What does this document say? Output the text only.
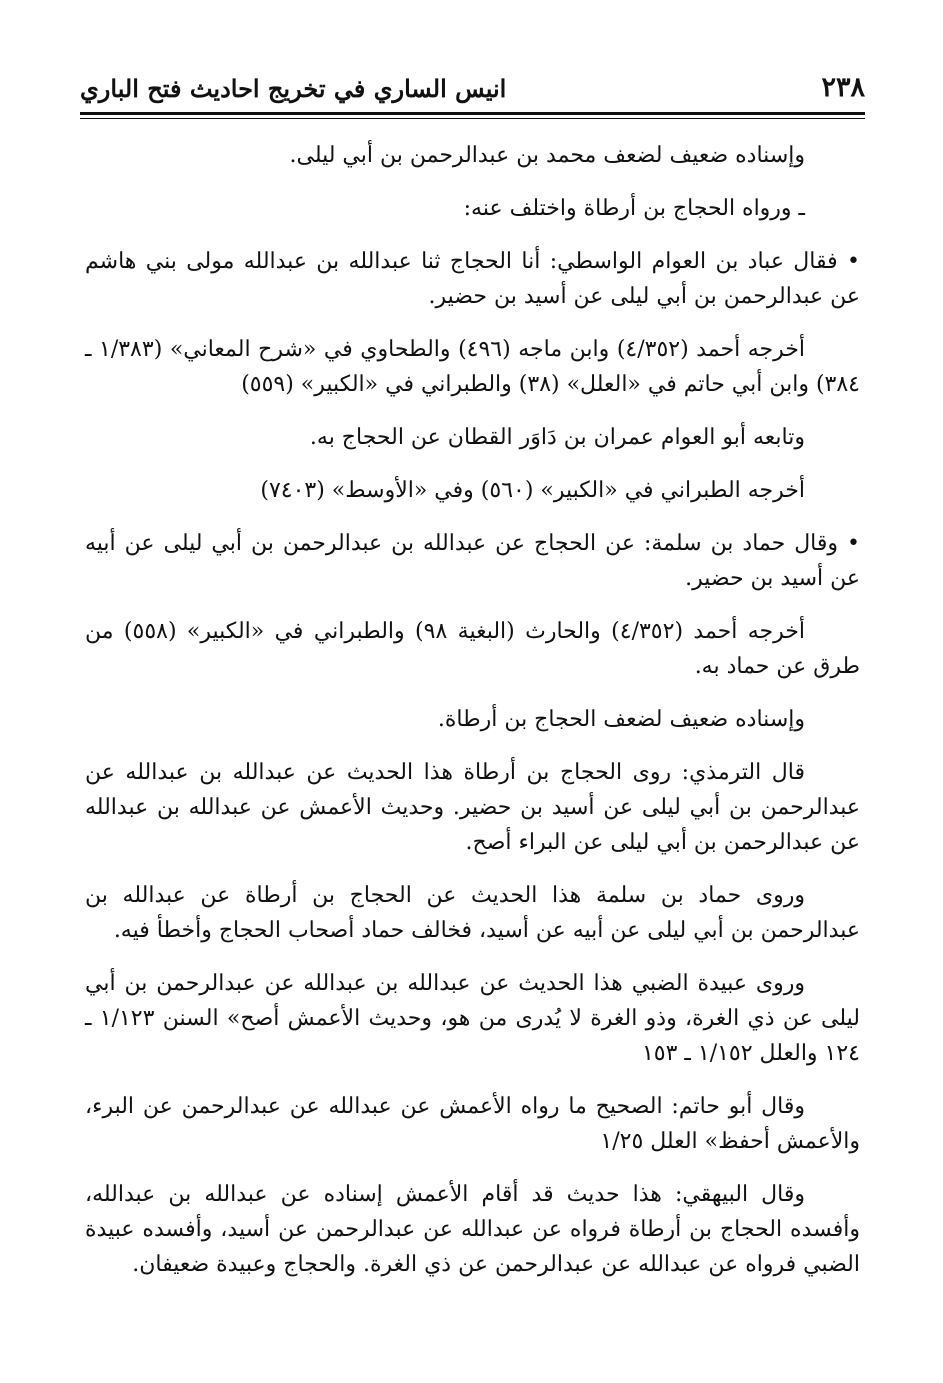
٢٣٨
انيس الساري في تخريج احاديث فتح الباري
وإسناده ضعيف لضعف محمد بن عبدالرحمن بن أبي ليلى.
ـ ورواه الحجاج بن أرطاة واختلف عنه:
• فقال عباد بن العوام الواسطي: أنا الحجاج ثنا عبدالله بن عبدالله مولى بني هاشم عن عبدالرحمن بن أبي ليلى عن أسيد بن حضير.
أخرجه أحمد (٤/٣٥٢) وابن ماجه (٤٩٦) والطحاوي في «شرح المعاني» (١/٣٨٣ ـ ٣٨٤) وابن أبي حاتم في «العلل» (٣٨) والطبراني في «الكبير» (٥٥٩)
وتابعه أبو العوام عمران بن دَاوَر القطان عن الحجاج به.
أخرجه الطبراني في «الكبير» (٥٦٠) وفي «الأوسط» (٧٤٠٣)
• وقال حماد بن سلمة: عن الحجاج عن عبدالله بن عبدالرحمن بن أبي ليلى عن أبيه عن أسيد بن حضير.
أخرجه أحمد (٤/٣٥٢) والحارث (البغية ٩٨) والطبراني في «الكبير» (٥٥٨) من طرق عن حماد به.
وإسناده ضعيف لضعف الحجاج بن أرطاة.
قال الترمذي: روى الحجاج بن أرطاة هذا الحديث عن عبدالله بن عبدالله عن عبدالرحمن بن أبي ليلى عن أسيد بن حضير. وحديث الأعمش عن عبدالله بن عبدالله عن عبدالرحمن بن أبي ليلى عن البراء أصح.
وروى حماد بن سلمة هذا الحديث عن الحجاج بن أرطاة عن عبدالله بن عبدالرحمن بن أبي ليلى عن أبيه عن أسيد، فخالف حماد أصحاب الحجاج وأخطأ فيه.
وروى عبيدة الضبي هذا الحديث عن عبدالله بن عبدالله عن عبدالرحمن بن أبي ليلى عن ذي الغرة، وذو الغرة لا يُدرى من هو، وحديث الأعمش أصح» السنن ١/١٢٣ ـ ١٢٤ والعلل ١/١٥٢ ـ ١٥٣
وقال أبو حاتم: الصحيح ما رواه الأعمش عن عبدالله عن عبدالرحمن عن البرء، والأعمش أحفظ» العلل ١/٢٥
وقال البيهقي: هذا حديث قد أقام الأعمش إسناده عن عبدالله بن عبدالله، وأفسده الحجاج بن أرطاة فرواه عن عبدالله عن عبدالرحمن عن أسيد، وأفسده عبيدة الضبي فرواه عن عبدالله عن عبدالرحمن عن ذي الغرة. والحجاج وعبيدة ضعيفان.
